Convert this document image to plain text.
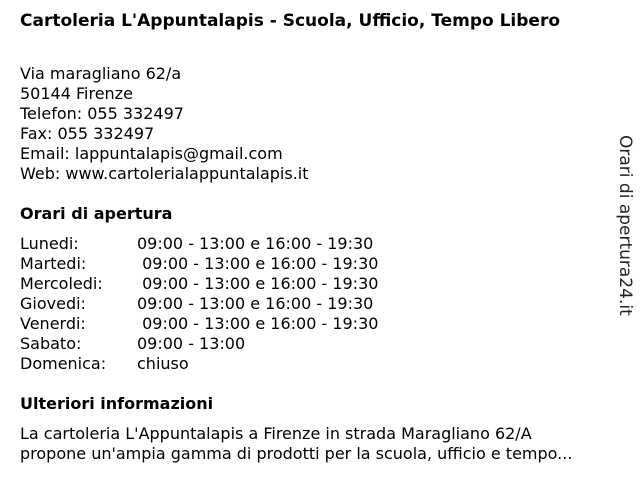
Cartoleria L'Appuntalapis - Scuola, Ufficio, Tempo Libero
Via maragliano 62/a
50144 Firenze
Telefon: 055 332497
Fax: 055 332497
Email: lappuntalapis@gmail.com
Web: www.cartolerialappuntalapis.it
Orari di apertura
Lunedi:	09:00 - 13:00 e 16:00 - 19:30
Martedi:	09:00 - 13:00 e 16:00 - 19:30
Mercoledi:	09:00 - 13:00 e 16:00 - 19:30
Giovedi:	09:00 - 13:00 e 16:00 - 19:30
Venerdi:	09:00 - 13:00 e 16:00 - 19:30
Sabato:	09:00 - 13:00
Domenica:	chiuso
Ulteriori informazioni
La cartoleria L'Appuntalapis a Firenze in strada Maragliano 62/A
propone un'ampia gamma di prodotti per la scuola, ufficio e tempo...
Orari di apertura24.it
